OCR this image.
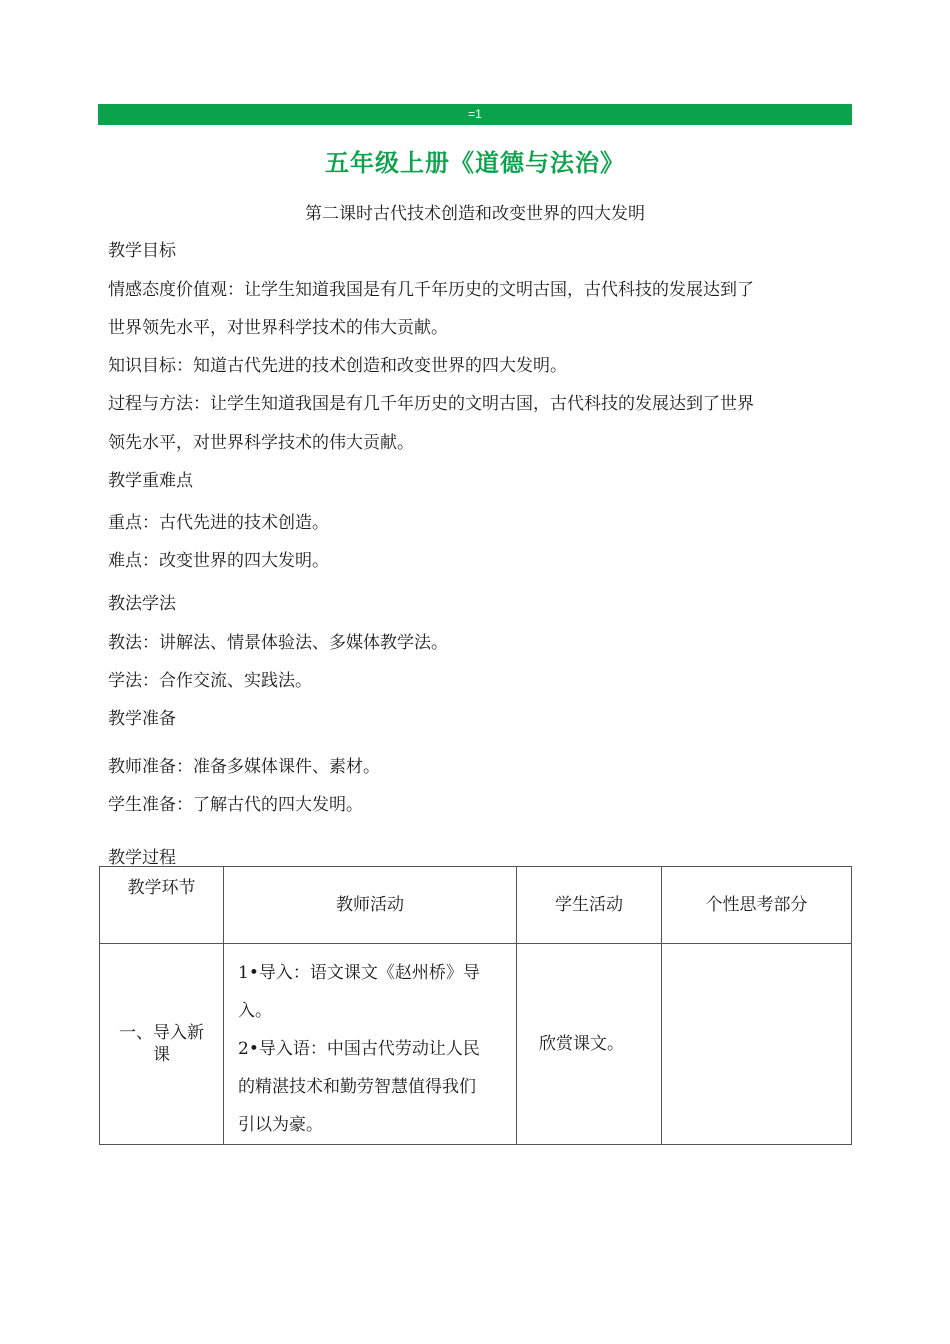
=1
五年级上册《道德与法治》
第二课时古代技术创造和改变世界的四大发明
教学目标
情感态度价值观：让学生知道我国是有几千年历史的文明古国，古代科技的发展达到了
世界领先水平，对世界科学技术的伟大贡献。
知识目标：知道古代先进的技术创造和改变世界的四大发明。
过程与方法：让学生知道我国是有几千年历史的文明古国，古代科技的发展达到了世界
领先水平，对世界科学技术的伟大贡献。
教学重难点
重点：古代先进的技术创造。
难点：改变世界的四大发明。
教法学法
教法：讲解法、情景体验法、多媒体教学法。
学法：合作交流、实践法。
教学准备
教师准备：准备多媒体课件、素材。
学生准备：了解古代的四大发明。
教学过程
教学环节	教师活动	学生活动	个性思考部分
一、导入新课	1•导入：语文课文《赵州桥》导

入。

2•导入语：中国古代劳动让人民

的精湛技术和勤劳智慧值得我们

引以为豪。	欣赏课文。	
